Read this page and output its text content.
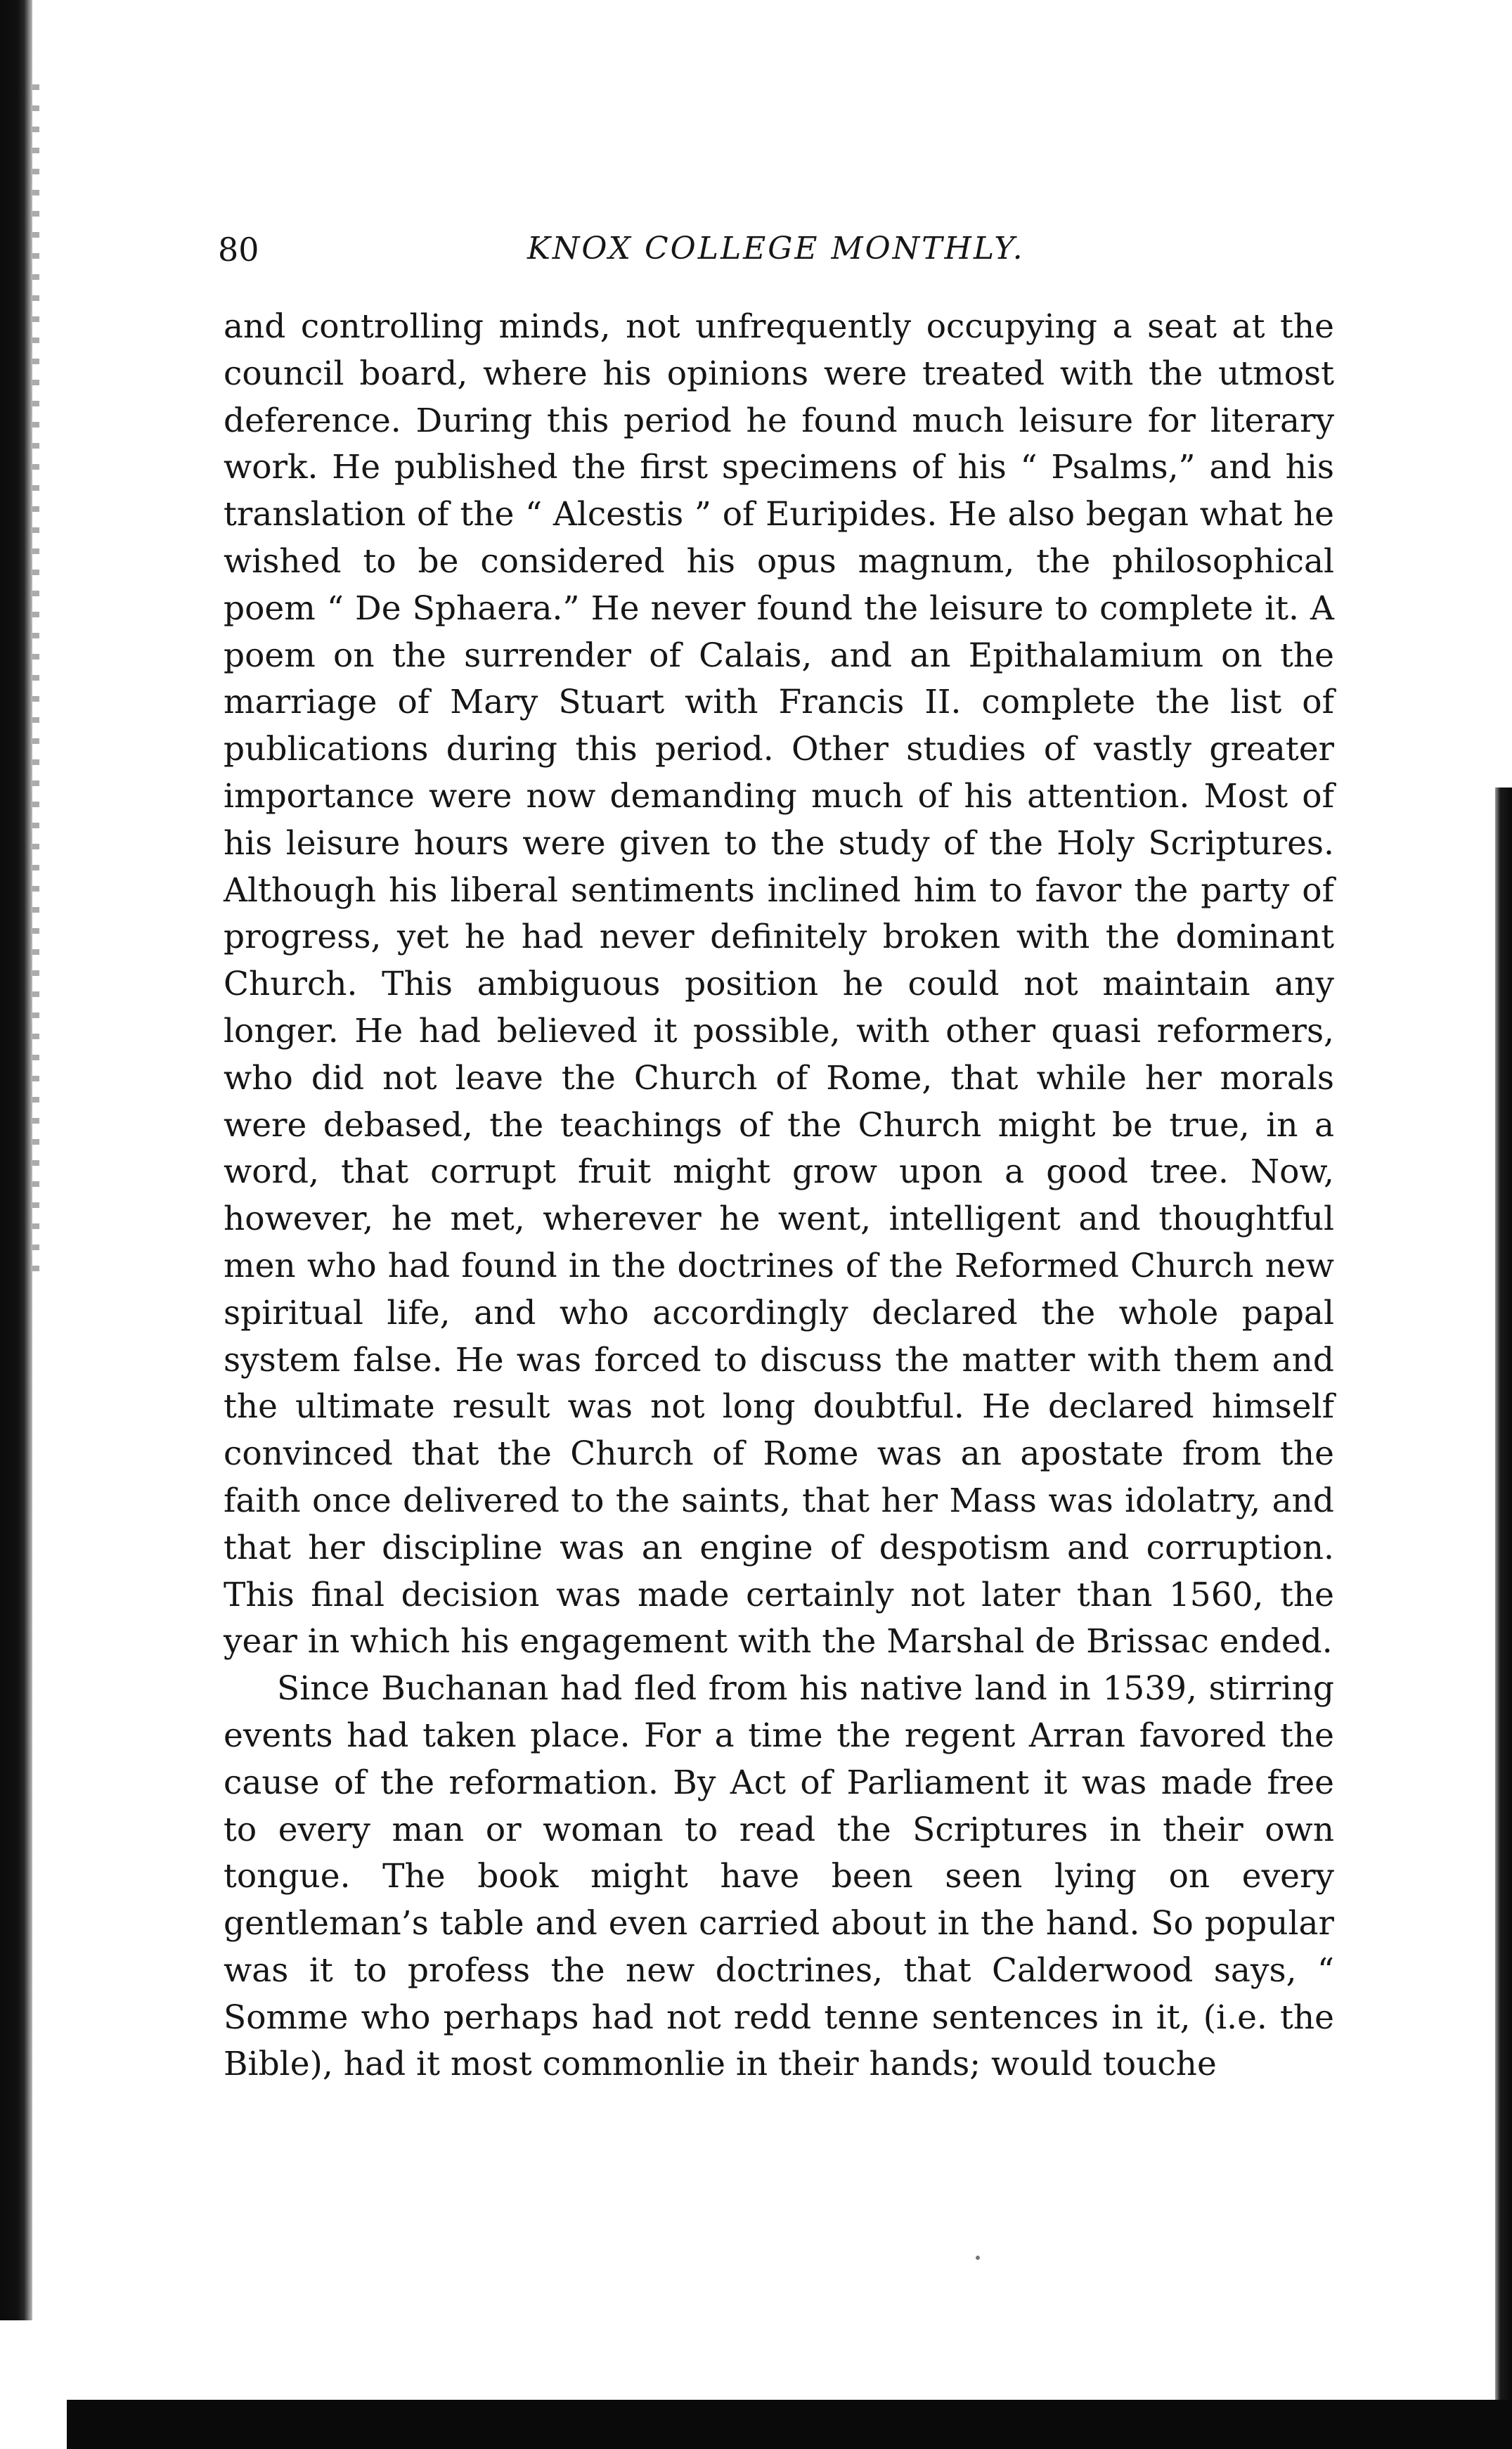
80	KNOX COLLEGE MONTHLY.

and controlling minds, not unfrequently occupying a seat at the council board, where his opinions were treated with the utmost deference. During this period he found much leisure for literary work. He published the first specimens of his “ Psalms,” and his translation of the “ Alcestis ” of Euripides. He also began what he wished to be considered his opus magnum, the philosophical poem “ De Sphaera.” He never found the leisure to complete it. A poem on the surrender of Calais, and an Epithalamium on the marriage of Mary Stuart with Francis II. complete the list of publications during this period. Other studies of vastly greater importance were now demanding much of his attention. Most of his leisure hours were given to the study of the Holy Scriptures. Although his liberal sentiments inclined him to favor the party of progress, yet he had never definitely broken with the dominant Church. This ambiguous position he could not maintain any longer. He had believed it possible, with other quasi reformers, who did not leave the Church of Rome, that while her morals were debased, the teachings of the Church might be true, in a word, that corrupt fruit might grow upon a good tree. Now, however, he met, wherever he went, intelligent and thoughtful men who had found in the doctrines of the Reformed Church new spiritual life, and who accordingly declared the whole papal system false. He was forced to discuss the matter with them and the ultimate result was not long doubtful. He declared himself convinced that the Church of Rome was an apostate from the faith once delivered to the saints, that her Mass was idolatry, and that her discipline was an engine of despotism and corruption. This final decision was made certainly not later than 1560, the year in which his engagement with the Marshal de Brissac ended.

Since Buchanan had fled from his native land in 1539, stirring events had taken place. For a time the regent Arran favored the cause of the reformation. By Act of Parliament it was made free to every man or woman to read the Scriptures in their own tongue. The book might have been seen lying on every gentleman’s table and even carried about in the hand. So popular was it to profess the new doctrines, that Calderwood says, “ Somme who perhaps had not redd tenne sentences in it, (i.e. the Bible), had it most commonlie in their hands; would touche
